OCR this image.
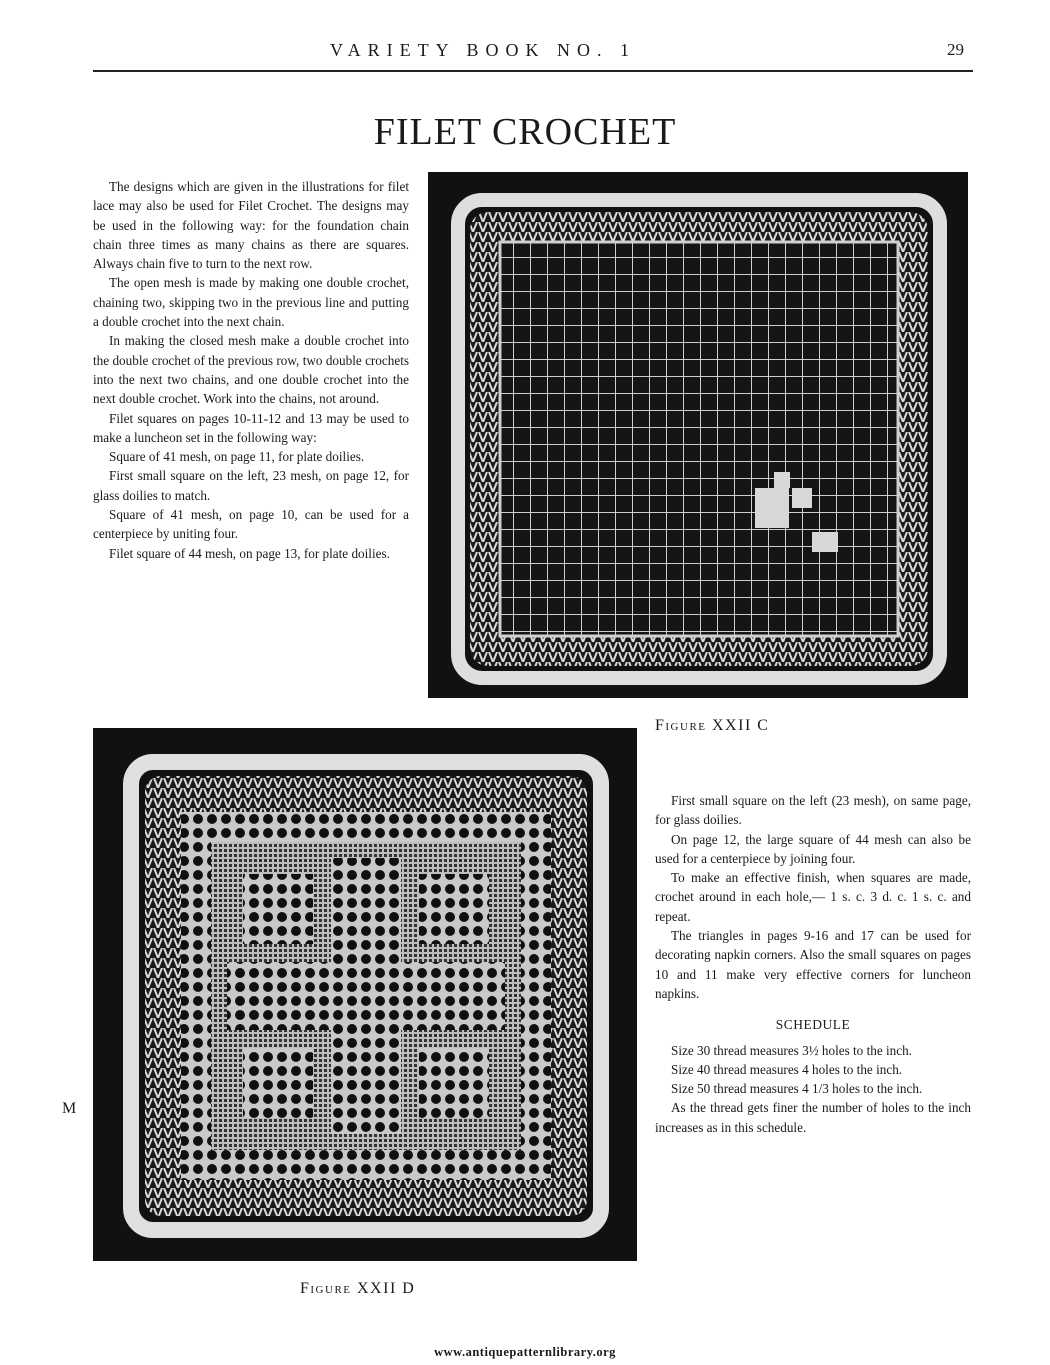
VARIETY BOOK NO. 1	29
FILET CROCHET

The designs which are given in the illustrations for filet lace may also be used for Filet Crochet. The designs may be used in the following way: for the foundation chain chain three times as many chains as there are squares. Always chain five to turn to the next row.

The open mesh is made by making one double crochet, chaining two, skipping two in the previous line and putting a double crochet into the next chain.

In making the closed mesh make a double crochet into the double crochet of the previous row, two double crochets into the next two chains, and one double crochet into the next double crochet. Work into the chains, not around.

Filet squares on pages 10-11-12 and 13 may be used to make a luncheon set in the following way:

Square of 41 mesh, on page 11, for plate doilies.

First small square on the left, 23 mesh, on page 12, for glass doilies to match.

Square of 41 mesh, on page 10, can be used for a centerpiece by uniting four.

Filet square of 44 mesh, on page 13, for plate doilies.

Figure XXII C
Figure XXII D

First small square on the left (23 mesh), on same page, for glass doilies.

On page 12, the large square of 44 mesh can also be used for a centerpiece by joining four.

To make an effective finish, when squares are made, crochet around in each hole,— 1 s. c. 3 d. c. 1 s. c. and repeat.

The triangles in pages 9-16 and 17 can be used for decorating napkin corners. Also the small squares on pages 10 and 11 make very effective corners for luncheon napkins.

SCHEDULE

Size 30 thread measures 3½ holes to the inch.

Size 40 thread measures 4 holes to the inch.

Size 50 thread measures 4 1/3 holes to the inch.

As the thread gets finer the number of holes to the inch increases as in this schedule.

M
www.antiquepatternlibrary.org
